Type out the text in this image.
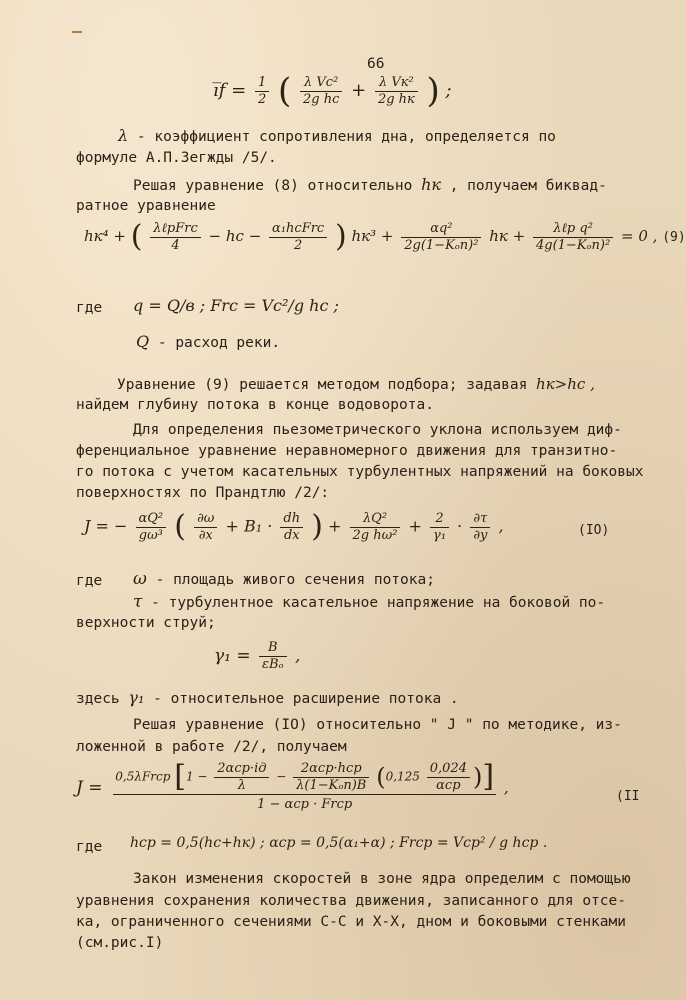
66
i̅f = $\frac{1}{2}$ ( $\frac{\text{λ Vc²}}{\text{2g hc}} + \frac{\text{λ Vк²}}{\text{2g hк}}$ ) ;
λ - коэффициент сопротивления дна, определяется по
формуле А.П.Зегжды /5/.
Решая уравнение (8) относительно hк , получаем биквад-
ратное уравнение
hк⁴ + ( $\frac{\text{λℓрFrc}}{4}$ − hc − $\frac{\text{α₁hcFrc}}{2}$ ) $hк^3 + \frac{\text{αq²}}{\text{2g(1−Kₒn)²}}$ hк + $\frac{\text{λℓр q²}}{\text{4g(1−Kₒn)²}} = 0$ , (9)
где q = Q/в ; Frc = Vc²/g hc ;
Q - расход реки.
Уравнение (9) решается методом подбора; задавая hк>hc ,
найдем глубину потока в конце водоворота.
Для определения пьезометрического уклона используем диф-
ференциальное уравнение неравномерного движения для транзитно-
го потока с учетом касательных турбулентных напряжений на боковых
поверхностях по Прандтлю /2/:
J = − $\frac{\text{αQ²}}{\text{gω³}}$ ( $\frac{\partial\omega}{\partial x} + B_1 \cdot \frac{dh}{dx}$ ) + $\frac{\text{λQ²}}{\text{2g hω²}} + \frac{2}{\text{γ₁}} \cdot \frac{\partial\tau}{\partial y}$ ,	(IO)
где ω - площадь живого сечения потока;
τ - турбулентное касательное напряжение на боковой по-
верхности струй;
$\gamma_1 = \frac{B}{\text{εBₒ}}$ ,
здесь γ₁ - относительное расширение потока .
Решая уравнение (IO) относительно " J " по методике, из-
ложенной в работе /2/, получаем
J =
0,5λFrср [$1 - \frac{\text{2αср·iд}}{\lambda} - \frac{\text{2αср·hср}}{\text{λ(1−Kₒn)B}} (0,125 \frac{0,024}{\text{αср}}$ )]
1 − αср · Frср
,	(II
где hср = 0,5(hc+hк) ; αср = 0,5(α₁+α) ; Frср = Vср² / g hср .
Закон изменения скоростей в зоне ядра определим с помощью
уравнения сохранения количества движения, записанного для отсе-
ка, ограниченного сечениями С-С и Х-Х, дном и боковыми стенками
(см.рис.I)
